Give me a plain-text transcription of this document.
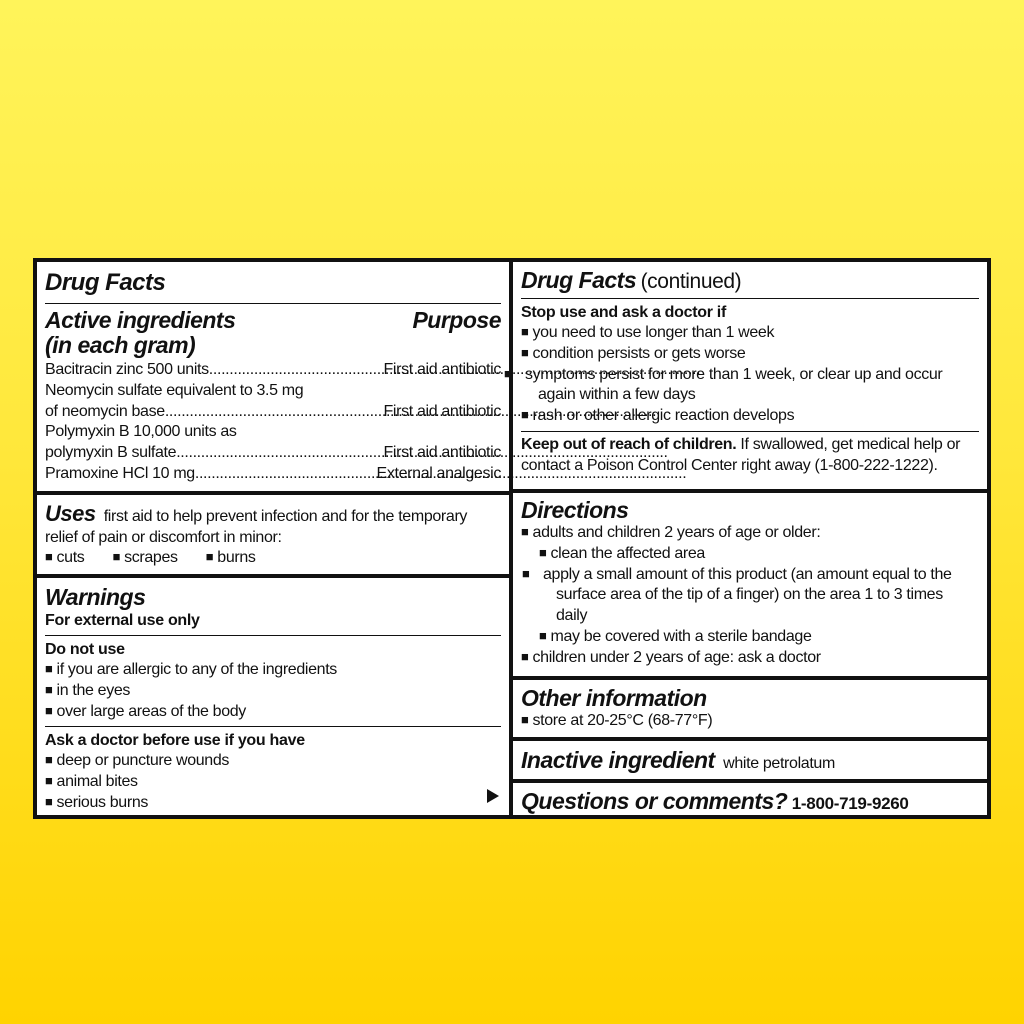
Drug Facts
Active ingredients	Purpose
(in each gram)
Bacitracin zinc 500 units .....	First aid antibiotic
Neomycin sulfate equivalent to 3.5 mg
of neomycin base .....	First aid antibiotic
Polymyxin B 10,000 units as
polymyxin B sulfate .....	First aid antibiotic
Pramoxine HCl 10 mg .....	External analgesic
Uses first aid to help prevent infection and for the temporary relief of pain or discomfort in minor:
■ cuts ■ scrapes ■ burns
Warnings
For external use only
Do not use
■ if you are allergic to any of the ingredients
■ in the eyes
■ over large areas of the body
Ask a doctor before use if you have
■ deep or puncture wounds
■ animal bites
■ serious burns
Drug Facts (continued)
Stop use and ask a doctor if
■ you need to use longer than 1 week
■ condition persists or gets worse
■ symptoms persist for more than 1 week, or clear up and occur again within a few days
■ rash or other allergic reaction develops
Keep out of reach of children. If swallowed, get medical help or contact a Poison Control Center right away (1-800-222-1222).
Directions
■ adults and children 2 years of age or older:
■ clean the affected area
■ apply a small amount of this product (an amount equal to the surface area of the tip of a finger) on the area 1 to 3 times daily
■ may be covered with a sterile bandage
■ children under 2 years of age: ask a doctor
Other information
■ store at 20-25°C (68-77°F)
Inactive ingredient white petrolatum
Questions or comments? 1-800-719-9260
